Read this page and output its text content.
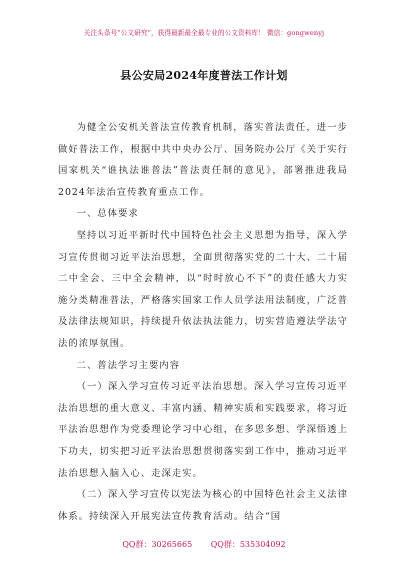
关注头条号“公文研究”，获得最新最全最专业的公文资料库！ 微信：gongwenyj
县公安局2024年度普法工作计划

为健全公安机关普法宣传教育机制，落实普法责任，进一步做好普法工作，根据中共中央办公厅、国务院办公厅《关于实行国家机关“谁执法谁普法”普法责任制的意见》，部署推进我局2024年法治宣传教育重点工作。

一、总体要求

坚持以习近平新时代中国特色社会主义思想为指导，深入学习宣传贯彻习近平法治思想，全面贯彻落实党的二十大、二十届二中全会、三中全会精神，以“时时放心不下”的责任感大力实施分类精准普法，严格落实国家工作人员学法用法制度，广泛普及法律法规知识，持续提升依法执法能力，切实营造遵法学法守法的浓厚氛围。

二、普法学习主要内容

（一）深入学习宣传习近平法治思想。深入学习宣传习近平法治思想的重大意义、丰富内涵、精神实质和实践要求，将习近平法治思想作为党委理论学习中心组，在多思多想、学深悟透上下功夫，切实把习近平法治思想贯彻落实到工作中，推动习近平法治思想入脑入心、走深走实。

（二）深入学习宣传以宪法为核心的中国特色社会主义法律体系。持续深入开展宪法宣传教育活动。结合“国

QQ群：30265665 QQ群：535304092
